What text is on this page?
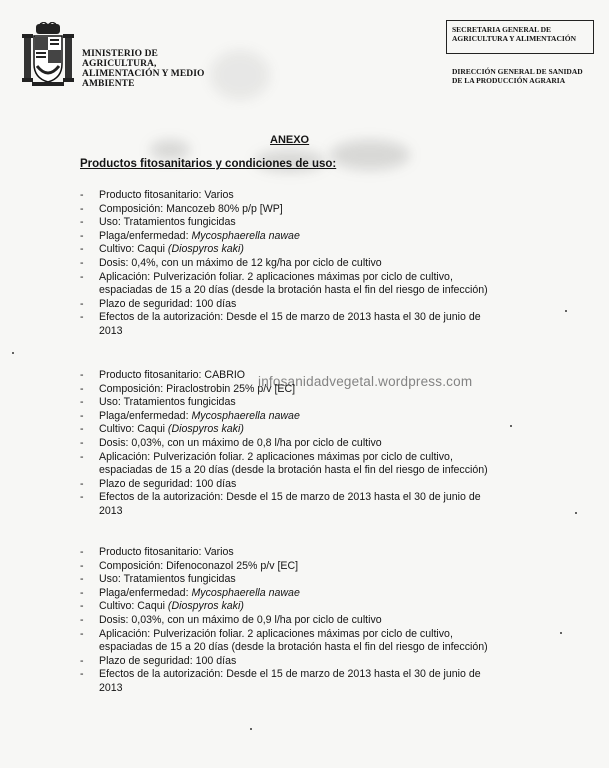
MINISTERIO DE
AGRICULTURA,
ALIMENTACIÓN Y MEDIO
AMBIENTE
SECRETARIA GENERAL DE
AGRICULTURA Y ALIMENTACIÓN
DIRECCIÓN GENERAL DE SANIDAD
DE LA PRODUCCIÓN AGRARIA
ANEXO
Productos fitosanitarios y condiciones de uso:
- Producto fitosanitario: Varios
- Composición: Mancozeb 80% p/p [WP]
- Uso: Tratamientos fungicidas
- Plaga/enfermedad: Mycosphaerella nawae
- Cultivo: Caqui (Diospyros kaki)
- Dosis: 0,4%, con un máximo de 12 kg/ha por ciclo de cultivo
- Aplicación: Pulverización foliar. 2 aplicaciones máximas por ciclo de cultivo,
espaciadas de 15 a 20 días (desde la brotación hasta el fin del riesgo de infección)
- Plazo de seguridad: 100 días
- Efectos de la autorización: Desde el 15 de marzo de 2013 hasta el 30 de junio de
2013
infosanidadvegetal.wordpress.com
- Producto fitosanitario: CABRIO
- Composición: Piraclostrobin 25% p/v [EC]
- Uso: Tratamientos fungicidas
- Plaga/enfermedad: Mycosphaerella nawae
- Cultivo: Caqui (Diospyros kaki)
- Dosis: 0,03%, con un máximo de 0,8 l/ha por ciclo de cultivo
- Aplicación: Pulverización foliar. 2 aplicaciones máximas por ciclo de cultivo,
espaciadas de 15 a 20 días (desde la brotación hasta el fin del riesgo de infección)
- Plazo de seguridad: 100 días
- Efectos de la autorización: Desde el 15 de marzo de 2013 hasta el 30 de junio de
2013
- Producto fitosanitario: Varios
- Composición: Difenoconazol 25% p/v [EC]
- Uso: Tratamientos fungicidas
- Plaga/enfermedad: Mycosphaerella nawae
- Cultivo: Caqui (Diospyros kaki)
- Dosis: 0,03%, con un máximo de 0,9 l/ha por ciclo de cultivo
- Aplicación: Pulverización foliar. 2 aplicaciones máximas por ciclo de cultivo,
espaciadas de 15 a 20 días (desde la brotación hasta el fin del riesgo de infección)
- Plazo de seguridad: 100 días
- Efectos de la autorización: Desde el 15 de marzo de 2013 hasta el 30 de junio de
2013
